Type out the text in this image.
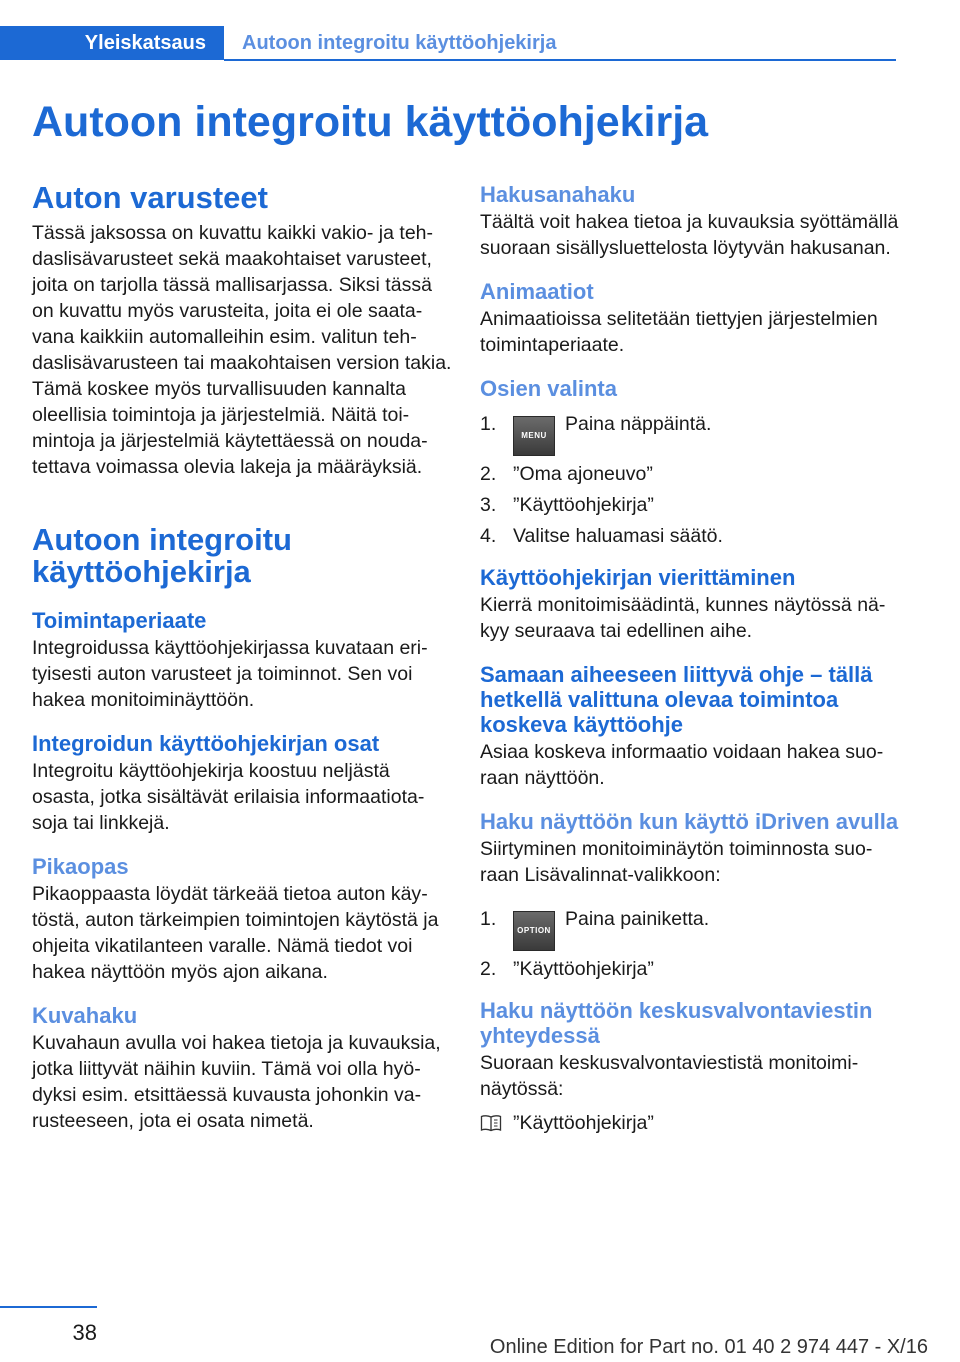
Yleiskatsaus	Autoon integroitu käyttöohjekirja
Autoon integroitu käyttöohjekirja
Auton varusteet

Tässä jaksossa on kuvattu kaikki vakio- ja tehdaslisävarusteet sekä maakohtaiset varusteet, joita on tarjolla tässä mallisarjassa. Siksi tässä on kuvattu myös varusteita, joita ei ole saatavana kaikkiin automalleihin esim. valitun tehdaslisävarusteen tai maakohtaisen version takia. Tämä koskee myös turvallisuuden kannalta oleellisia toimintoja ja järjestelmiä. Näitä toimintoja ja järjestelmiä käytettäessä on noudatettava voimassa olevia lakeja ja määräyksiä.

Autoon integroitu käyttöohjekirja
Toimintaperiaate

Integroidussa käyttöohjekirjassa kuvataan erityisesti auton varusteet ja toiminnot. Sen voi hakea monitoiminäyttöön.

Integroidun käyttöohjekirjan osat

Integroitu käyttöohjekirja koostuu neljästä osasta, jotka sisältävät erilaisia informaatiotasoja tai linkkejä.

Pikaopas

Pikaoppaasta löydät tärkeää tietoa auton käytöstä, auton tärkeimpien toimintojen käytöstä ja ohjeita vikatilanteen varalle. Nämä tiedot voi hakea näyttöön myös ajon aikana.

Kuvahaku

Kuvahaun avulla voi hakea tietoja ja kuvauksia, jotka liittyvät näihin kuviin. Tämä voi olla hyödyksi esim. etsittäessä kuvausta johonkin varusteeseen, jota ei osata nimetä.

Hakusanahaku

Täältä voit hakea tietoa ja kuvauksia syöttämällä suoraan sisällysluettelosta löytyvän hakusanan.

Animaatiot

Animaatioissa selitetään tiettyjen järjestelmien toimintaperiaate.

Osien valinta
1.
MENUPaina näppäintä.
2. ”Oma ajoneuvo”
3. ”Käyttöohjekirja”
4. Valitse haluamasi säätö.
Käyttöohjekirjan vierittäminen

Kierrä monitoimisäädintä, kunnes näytössä näkyy seuraava tai edellinen aihe.

Samaan aiheeseen liittyvä ohje – tällä hetkellä valittuna olevaa toimintoa koskeva käyttöohje

Asiaa koskeva informaatio voidaan hakea suoraan näyttöön.

Haku näyttöön kun käyttö iDriven avulla

Siirtyminen monitoiminäytön toiminnosta suoraan Lisävalinnat-valikkoon:

1.
OPTIONPaina painiketta.
2. ”Käyttöohjekirja”
Haku näyttöön keskusvalvontaviestin yhteydessä

Suoraan keskusvalvontaviestistä monitoiminäytössä:

”Käyttöohjekirja”

38
Online Edition for Part no. 01 40 2 974 447 - X/16
